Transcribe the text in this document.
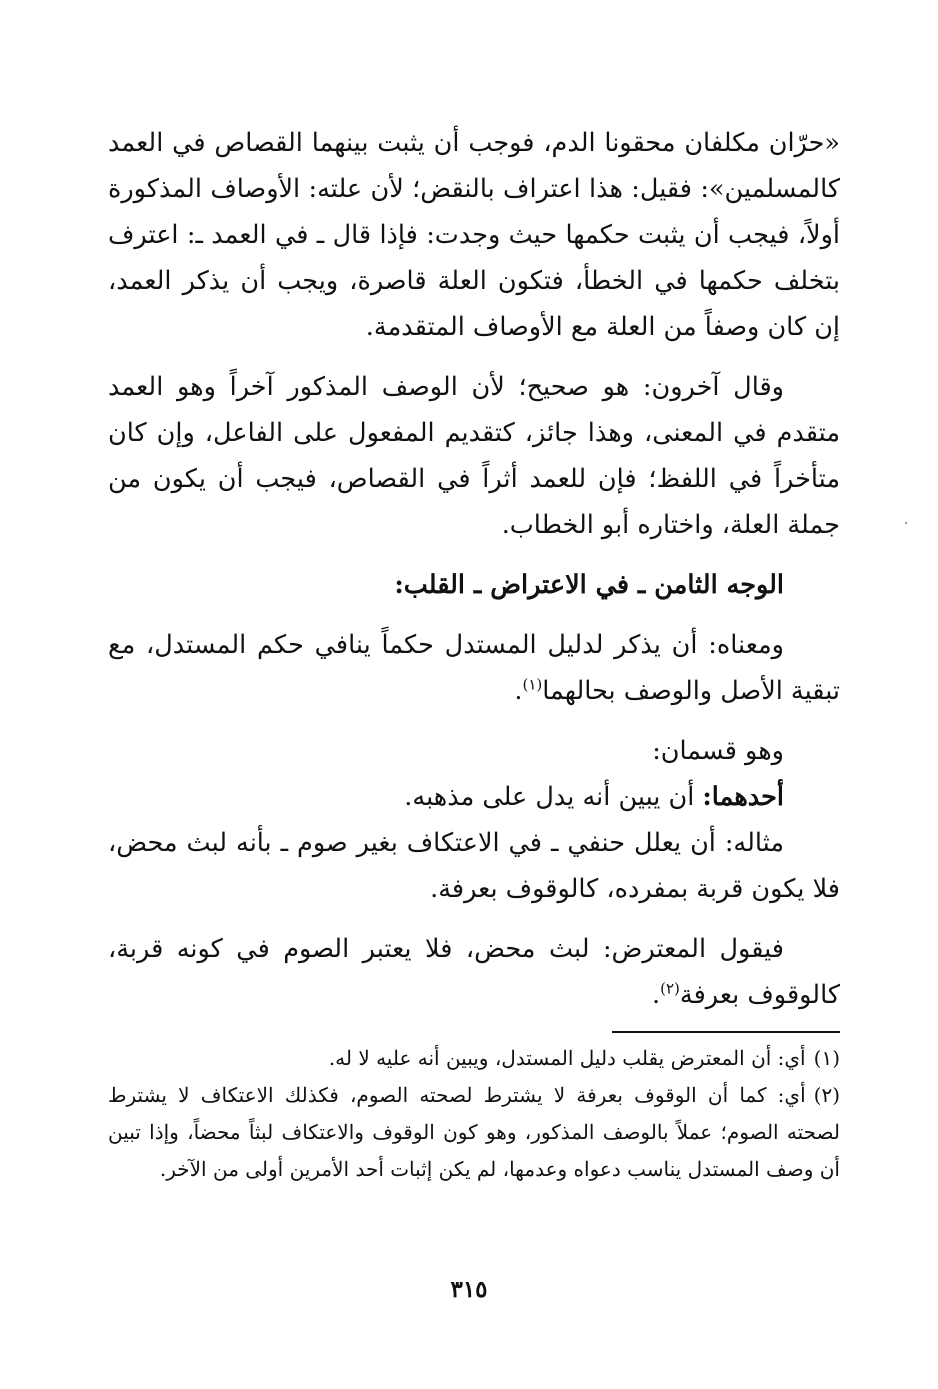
«حرّان مكلفان محقونا الدم، فوجب أن يثبت بينهما القصاص في العمد كالمسلمين»: فقيل: هذا اعتراف بالنقض؛ لأن علته: الأوصاف المذكورة أولاً، فيجب أن يثبت حكمها حيث وجدت: فإذا قال ـ في العمد ـ: اعترف بتخلف حكمها في الخطأ، فتكون العلة قاصرة، ويجب أن يذكر العمد، إن كان وصفاً من العلة مع الأوصاف المتقدمة.

وقال آخرون: هو صحيح؛ لأن الوصف المذكور آخراً وهو العمد متقدم في المعنى، وهذا جائز، كتقديم المفعول على الفاعل، وإن كان متأخراً في اللفظ؛ فإن للعمد أثراً في القصاص، فيجب أن يكون من جملة العلة، واختاره أبو الخطاب.

الوجه الثامن ـ في الاعتراض ـ القلب:

ومعناه: أن يذكر لدليل المستدل حكماً ينافي حكم المستدل، مع تبقية الأصل والوصف بحالهما$^{(١)}$.

وهو قسمان:

أحدهما: أن يبين أنه يدل على مذهبه.

مثاله: أن يعلل حنفي ـ في الاعتكاف بغير صوم ـ بأنه لبث محض، فلا يكون قربة بمفرده، كالوقوف بعرفة.

فيقول المعترض: لبث محض، فلا يعتبر الصوم في كونه قربة، كالوقوف بعرفة$^{(٢)}$.

(١)أي: أن المعترض يقلب دليل المستدل، ويبين أنه عليه لا له.

(٢)أي: كما أن الوقوف بعرفة لا يشترط لصحته الصوم، فكذلك الاعتكاف لا يشترط لصحته الصوم؛ عملاً بالوصف المذكور، وهو كون الوقوف والاعتكاف لبثاً محضاً، وإذا تبين أن وصف المستدل يناسب دعواه وعدمها، لم يكن إثبات أحد الأمرين أولى من الآخر.

٣١٥
